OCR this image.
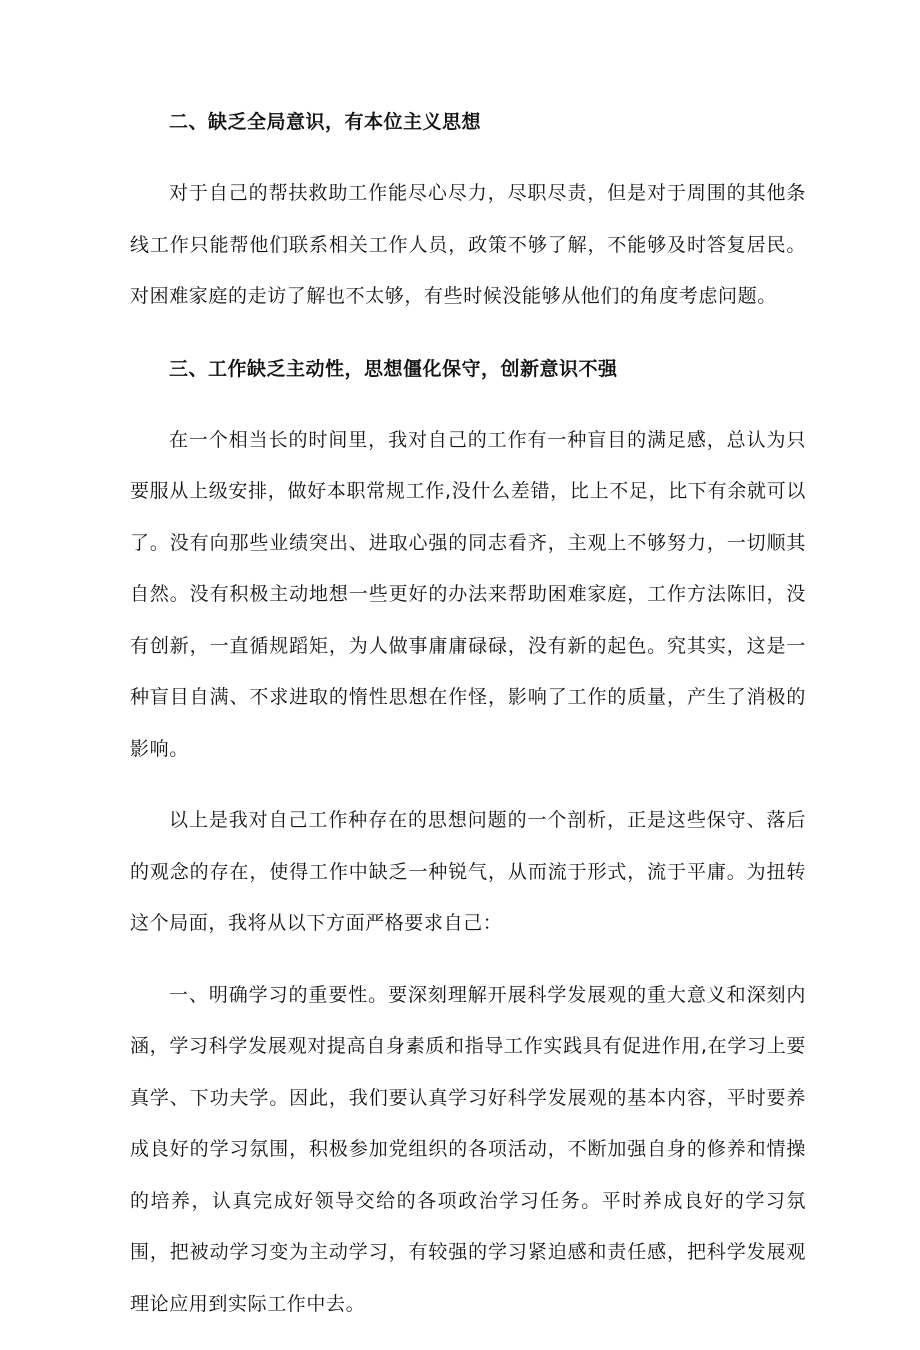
二、缺乏全局意识，有本位主义思想
对于自己的帮扶救助工作能尽心尽力，尽职尽责，但是对于周围的其他条线工作只能帮他们联系相关工作人员，政策不够了解，不能够及时答复居民。对困难家庭的走访了解也不太够，有些时候没能够从他们的角度考虑问题。
三、工作缺乏主动性，思想僵化保守，创新意识不强
在一个相当长的时间里，我对自己的工作有一种盲目的满足感，总认为只要服从上级安排，做好本职常规工作,没什么差错，比上不足，比下有余就可以了。没有向那些业绩突出、进取心强的同志看齐，主观上不够努力，一切顺其自然。没有积极主动地想一些更好的办法来帮助困难家庭，工作方法陈旧，没有创新，一直循规蹈矩，为人做事庸庸碌碌，没有新的起色。究其实，这是一种盲目自满、不求进取的惰性思想在作怪，影响了工作的质量，产生了消极的影响。
以上是我对自己工作种存在的思想问题的一个剖析，正是这些保守、落后的观念的存在，使得工作中缺乏一种锐气，从而流于形式，流于平庸。为扭转这个局面，我将从以下方面严格要求自己：
一、明确学习的重要性。要深刻理解开展科学发展观的重大意义和深刻内涵，学习科学发展观对提高自身素质和指导工作实践具有促进作用,在学习上要真学、下功夫学。因此，我们要认真学习好科学发展观的基本内容，平时要养成良好的学习氛围，积极参加党组织的各项活动，不断加强自身的修养和情操的培养，认真完成好领导交给的各项政治学习任务。平时养成良好的学习氛围，把被动学习变为主动学习，有较强的学习紧迫感和责任感，把科学发展观理论应用到实际工作中去。
